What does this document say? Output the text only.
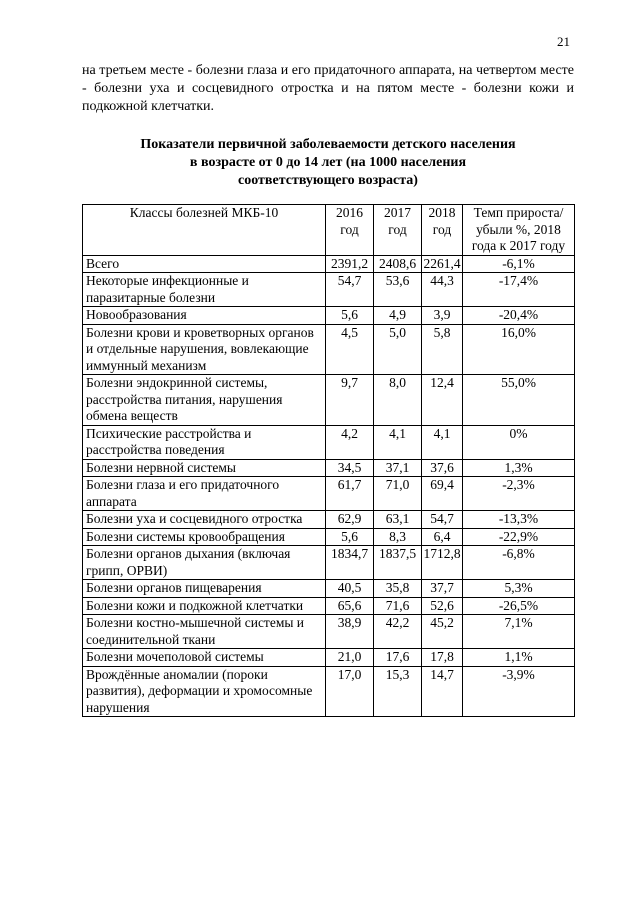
21

на третьем месте - болезни глаза и его придаточного аппарата, на четвертом месте - болезни уха и сосцевидного отростка и на пятом месте - болезни кожи и подкожной клетчатки.

Показатели первичной заболеваемости детского населения
в возрасте от 0 до 14 лет (на 1000 населения
соответствующего возраста)
Классы болезней МКБ-10	2016 год	2017 год	2018 год	Темп прироста/ убыли %, 2018 года к 2017 году
Всего	2391,2	2408,6	2261,4	-6,1%
Некоторые инфекционные и паразитарные болезни	54,7	53,6	44,3	-17,4%
Новообразования	5,6	4,9	3,9	-20,4%
Болезни крови и кроветворных органов и отдельные нарушения, вовлекающие иммунный механизм	4,5	5,0	5,8	16,0%
Болезни эндокринной системы, расстройства питания, нарушения обмена веществ	9,7	8,0	12,4	55,0%
Психические расстройства и расстройства поведения	4,2	4,1	4,1	0%
Болезни нервной системы	34,5	37,1	37,6	1,3%
Болезни глаза и его придаточного аппарата	61,7	71,0	69,4	-2,3%
Болезни уха и сосцевидного отростка	62,9	63,1	54,7	-13,3%
Болезни системы кровообращения	5,6	8,3	6,4	-22,9%
Болезни органов дыхания (включая грипп, ОРВИ)	1834,7	1837,5	1712,8	-6,8%
Болезни органов пищеварения	40,5	35,8	37,7	5,3%
Болезни кожи и подкожной клетчатки	65,6	71,6	52,6	-26,5%
Болезни костно-мышечной системы и соединительной ткани	38,9	42,2	45,2	7,1%
Болезни мочеполовой системы	21,0	17,6	17,8	1,1%
Врождённые аномалии (пороки развития), деформации и хромосомные нарушения	17,0	15,3	14,7	-3,9%
